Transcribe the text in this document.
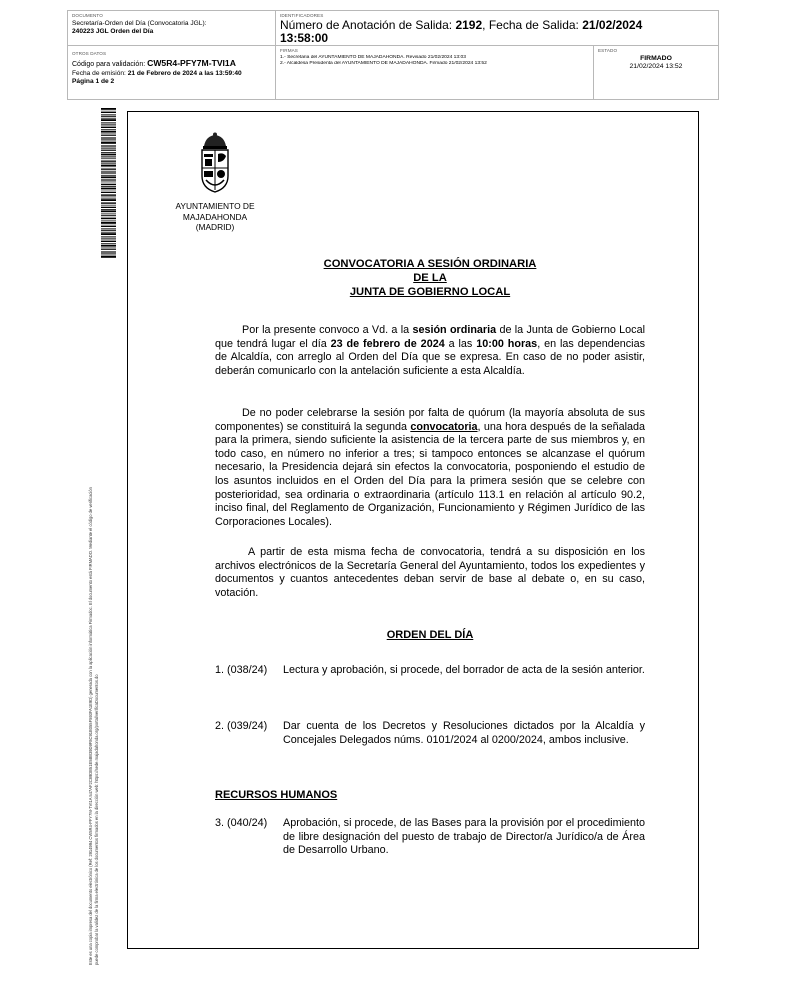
DOCUMENTO
Secretaría-Orden del Día (Convocatoria JGL):
240223 JGL Orden del Día
IDENTIFICADORES
Número de Anotación de Salida: 2192, Fecha de Salida: 21/02/2024
13:58:00
OTROS DATOS
Código para validación: CW5R4-PFY7M-TVI1A
Fecha de emisión: 21 de Febrero de 2024 a las 13:59:40
Página 1 de 2
FIRMAS
1.- Secretaria del AYUNTAMIENTO DE MAJADAHONDA. Revisado 21/02/2024 13:03
2.- Alcaldesa Presidenta del AYUNTAMIENTO DE MAJADAHONDA. Firmado 21/02/2024 13:52
ESTADO
FIRMADO
21/02/2024 13:52
Este es una copia impresa del documento electrónico (Ref: 2914994 CW5R4-PFY7M-TVI1A 547AF2C89DB51E5BB39D9F8C91B055F593FA1E9D) generada con la aplicación informática Firmadoc. El documento está FIRMADO. Mediante el código de verificación puede comprobar la validez de la firma electrónica de los documentos firmados en la dirección web: https://sede.majadahonda.org/portal/verificaDocumentos.do
AYUNTAMIENTO DE
MAJADAHONDA
(MADRID)
CONVOCATORIA A SESIÓN ORDINARIA
DE LA
JUNTA DE GOBIERNO LOCAL
Por la presente convoco a Vd. a la sesión ordinaria de la Junta de Gobierno Local que tendrá lugar el día 23 de febrero de 2024 a las 10:00 horas, en las dependencias de Alcaldía, con arreglo al Orden del Día que se expresa. En caso de no poder asistir, deberán comunicarlo con la antelación suficiente a esta Alcaldía.
De no poder celebrarse la sesión por falta de quórum (la mayoría absoluta de sus componentes) se constituirá la segunda convocatoria, una hora después de la señalada para la primera, siendo suficiente la asistencia de la tercera parte de sus miembros y, en todo caso, en número no inferior a tres; si tampoco entonces se alcanzase el quórum necesario, la Presidencia dejará sin efectos la convocatoria, posponiendo el estudio de los asuntos incluidos en el Orden del Día para la primera sesión que se celebre con posterioridad, sea ordinaria o extraordinaria (artículo 113.1 en relación al artículo 90.2, inciso final, del Reglamento de Organización, Funcionamiento y Régimen Jurídico de las Corporaciones Locales).
A partir de esta misma fecha de convocatoria, tendrá a su disposición en los archivos electrónicos de la Secretaría General del Ayuntamiento, todos los expedientes y documentos y cuantos antecedentes deban servir de base al debate o, en su caso, votación.
ORDEN DEL DÍA
1. (038/24) Lectura y aprobación, si procede, del borrador de acta de la sesión anterior.
2. (039/24) Dar cuenta de los Decretos y Resoluciones dictados por la Alcaldía y Concejales Delegados núms. 0101/2024 al 0200/2024, ambos inclusive.
RECURSOS HUMANOS
3. (040/24) Aprobación, si procede, de las Bases para la provisión por el procedimiento de libre designación del puesto de trabajo de Director/a Jurídico/a de Área de Desarrollo Urbano.
